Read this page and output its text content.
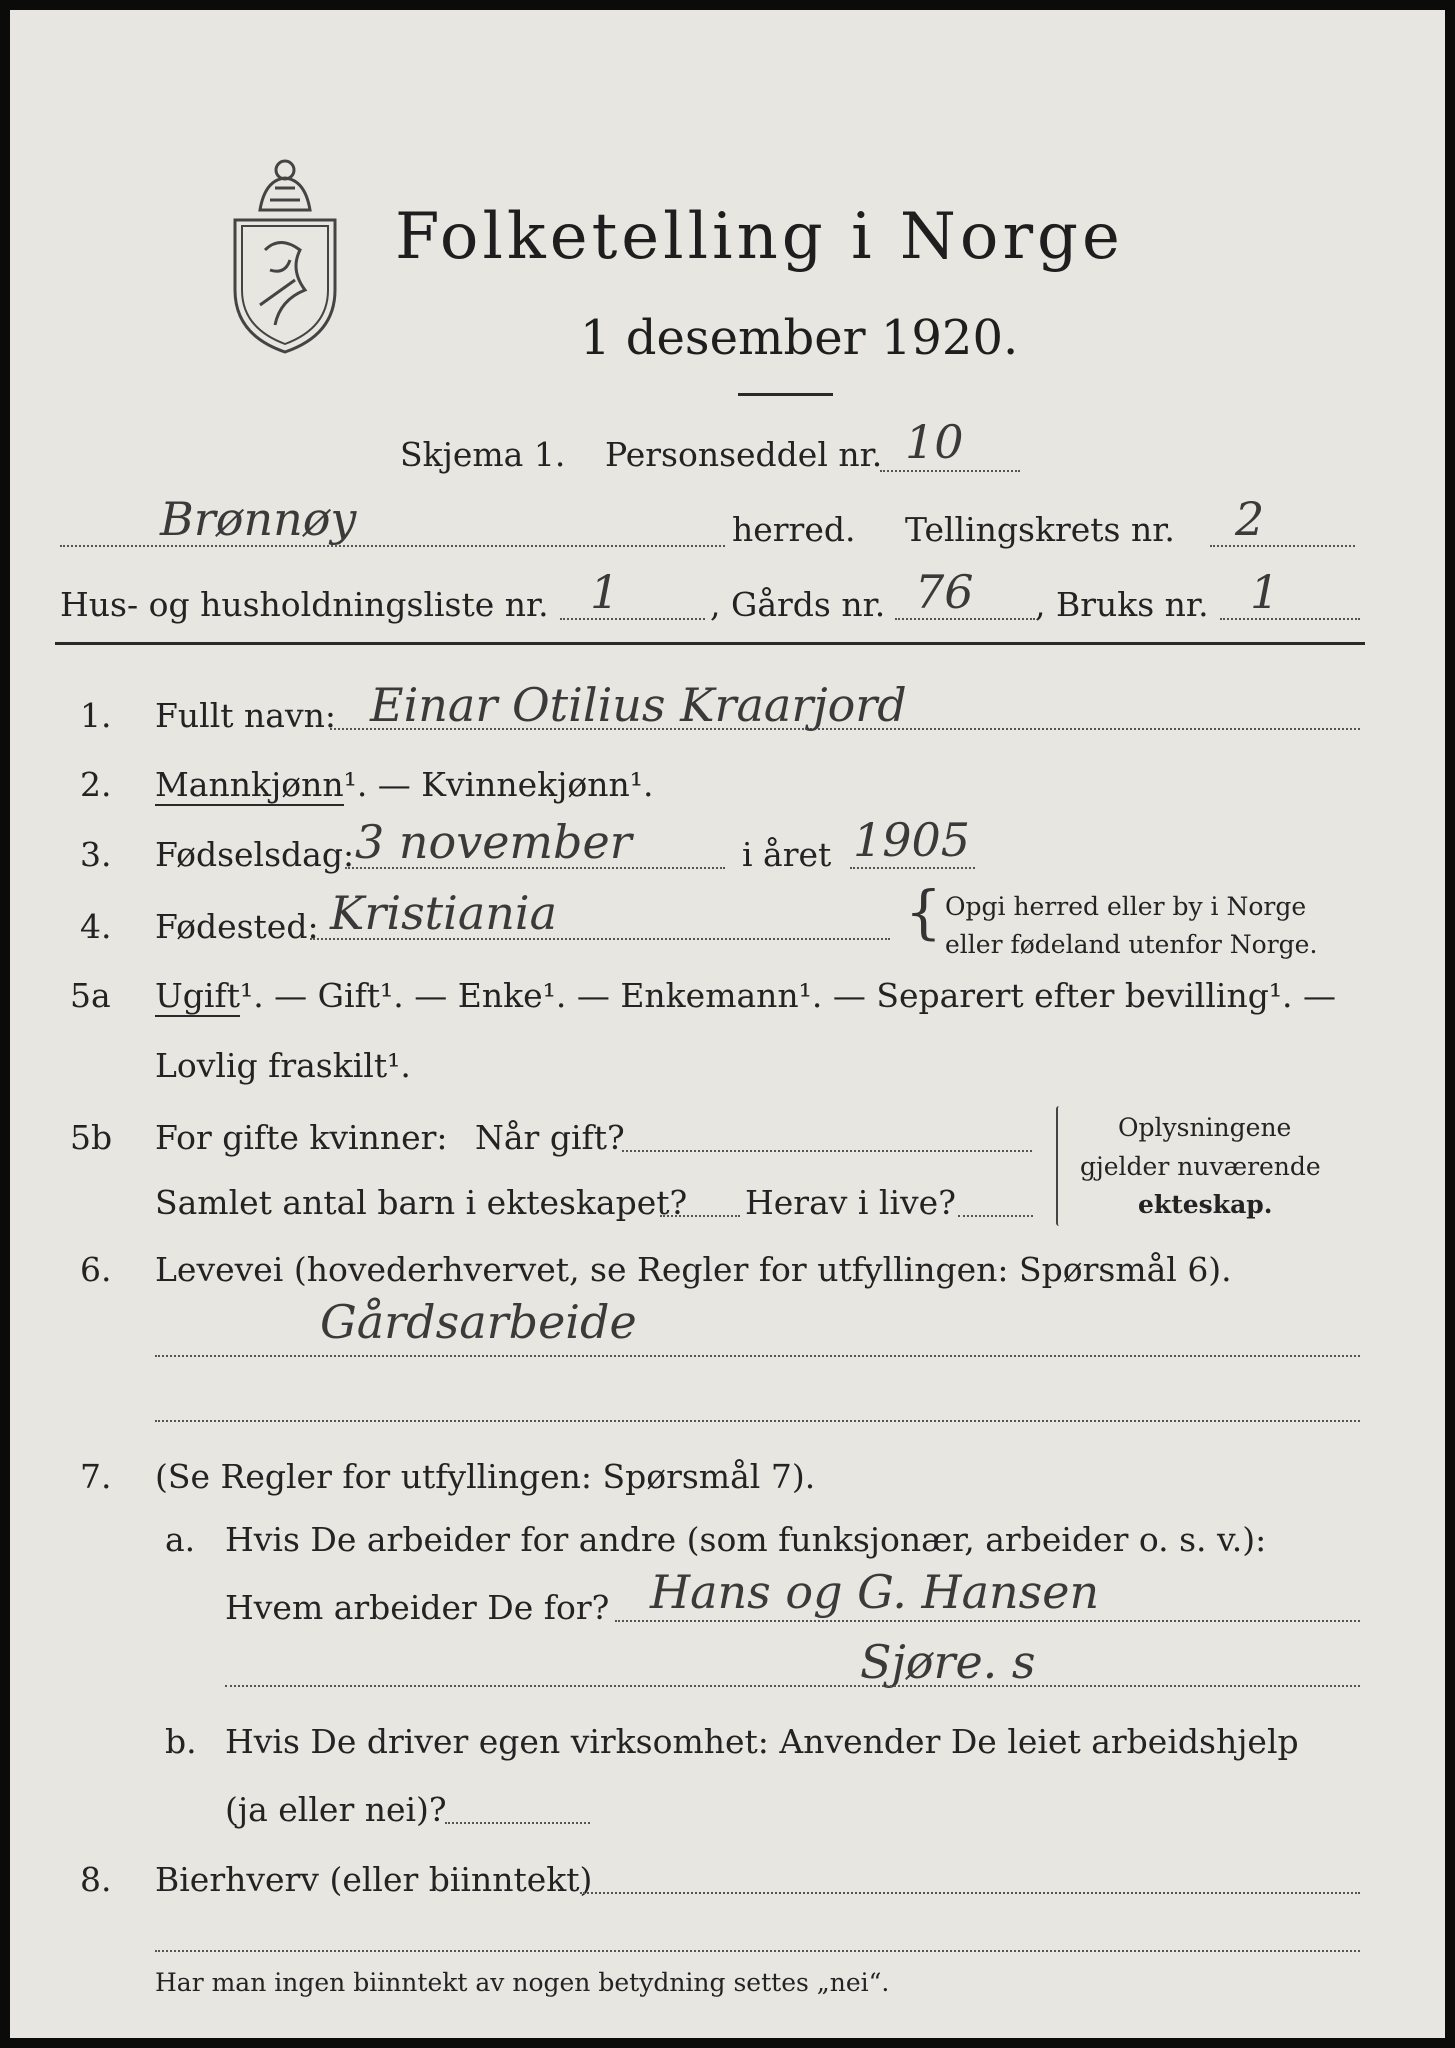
Folketelling i Norge
1 desember 1920.
Skjema 1. Personseddel nr. 10
Brønnøy	herred. Tellingskrets nr. 2
Hus- og husholdningsliste nr. 1	, Gårds nr. 76 , Bruks nr. 1
1. Fullt navn: Einar Otilius Kraarjord
2. Mannkjønn¹. — Kvinnekjønn¹.
3. Fødselsdag: 3 november	i året 1905
4. Fødested: Kristiania	{ Opgi herred eller by i Norge
eller fødeland utenfor Norge.
5a Ugift¹. — Gift¹. — Enke¹. — Enkemann¹. — Separert efter bevilling¹. —
Lovlig fraskilt¹.
5b For gifte kvinner: Når gift?
Samlet antal barn i ekteskapet? Herav i live?
Oplysningene
gjelder nuværende
ekteskap.
6. Levevei (hovederhvervet, se Regler for utfyllingen: Spørsmål 6).
Gårdsarbeide
7. (Se Regler for utfyllingen: Spørsmål 7).
a. Hvis De arbeider for andre (som funksjonær, arbeider o. s. v.):
Hvem arbeider De for? Hans og G. Hansen
Sjøre. s
b. Hvis De driver egen virksomhet: Anvender De leiet arbeidshjelp
(ja eller nei)?
8. Bierhverv (eller biinntekt)
Har man ingen biinntekt av nogen betydning settes „nei“.
